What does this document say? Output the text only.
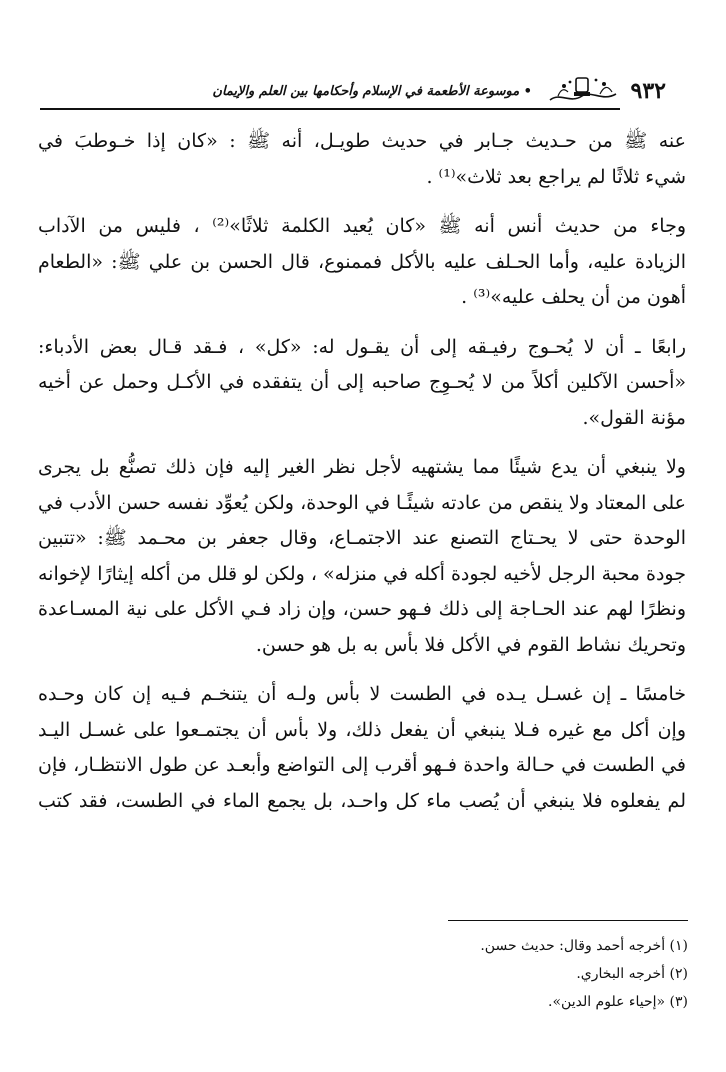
٩٣٢
• موسوعة الأطعمة في الإسلام وأحكامها بين العلم والإيمان

عنه ﷺ من حـديث جـابر في حديث طويـل، أنه ﷺ : «كان إذا خـوطبَ في
شيء ثلاثًا لم يراجع بعد ثلاث»⁽¹⁾ .

وجاء من حديث أنس أنه ﷺ «كان يُعيد الكلمة ثلاثًا»⁽²⁾ ، فليس من الآداب
الزيادة عليه، وأما الحـلف عليه بالأكل فممنوع، قال الحسن بن علي ﷺ: «الطعام
أهون من أن يحلف عليه»⁽³⁾ .

رابعًا ـ أن لا يُحـوج رفيـقه إلى أن يقـول له: «كل» ، فـقد قـال بعض الأدباء:
«أحسن الآكلين أكلاً من لا يُحـوِج صاحبه إلى أن يتفقده في الأكـل وحمل عن أخيه
مؤنة القول».

ولا ينبغي أن يدع شيئًا مما يشتهيه لأجل نظر الغير إليه فإن ذلك تصنُّع بل يجرى
على المعتاد ولا ينقص من عادته شيئًـا في الوحدة، ولكن يُعوِّد نفسه حسن الأدب في
الوحدة حتى لا يحـتاج التصنع عند الاجتمـاع، وقال جعفر بن محـمد ﷺ: «تتبين
جودة محبة الرجل لأخيه لجودة أكله في منزله» ، ولكن لو قلل من أكله إيثارًا لإخوانه
ونظرًا لهم عند الحـاجة إلى ذلك فـهو حسن، وإن زاد فـي الأكل على نية المسـاعدة
وتحريك نشاط القوم في الأكل فلا بأس به بل هو حسن.

خامسًا ـ إن غسـل يـده في الطست لا بأس ولـه أن يتنخـم فـيه إن كان وحـده
وإن أكل مع غيره فـلا ينبغي أن يفعل ذلك، ولا بأس أن يجتمـعوا على غسـل اليـد
في الطست في حـالة واحدة فـهو أقرب إلى التواضع وأبعـد عن طول الانتظـار، فإن
لم يفعلوه فلا ينبغي أن يُصب ماء كل واحـد، بل يجمع الماء في الطست، فقد كتب

(١) أخرجه أحمد وقال: حديث حسن.
(٢) أخرجه البخاري.
(٣) «إحياء علوم الدين».
